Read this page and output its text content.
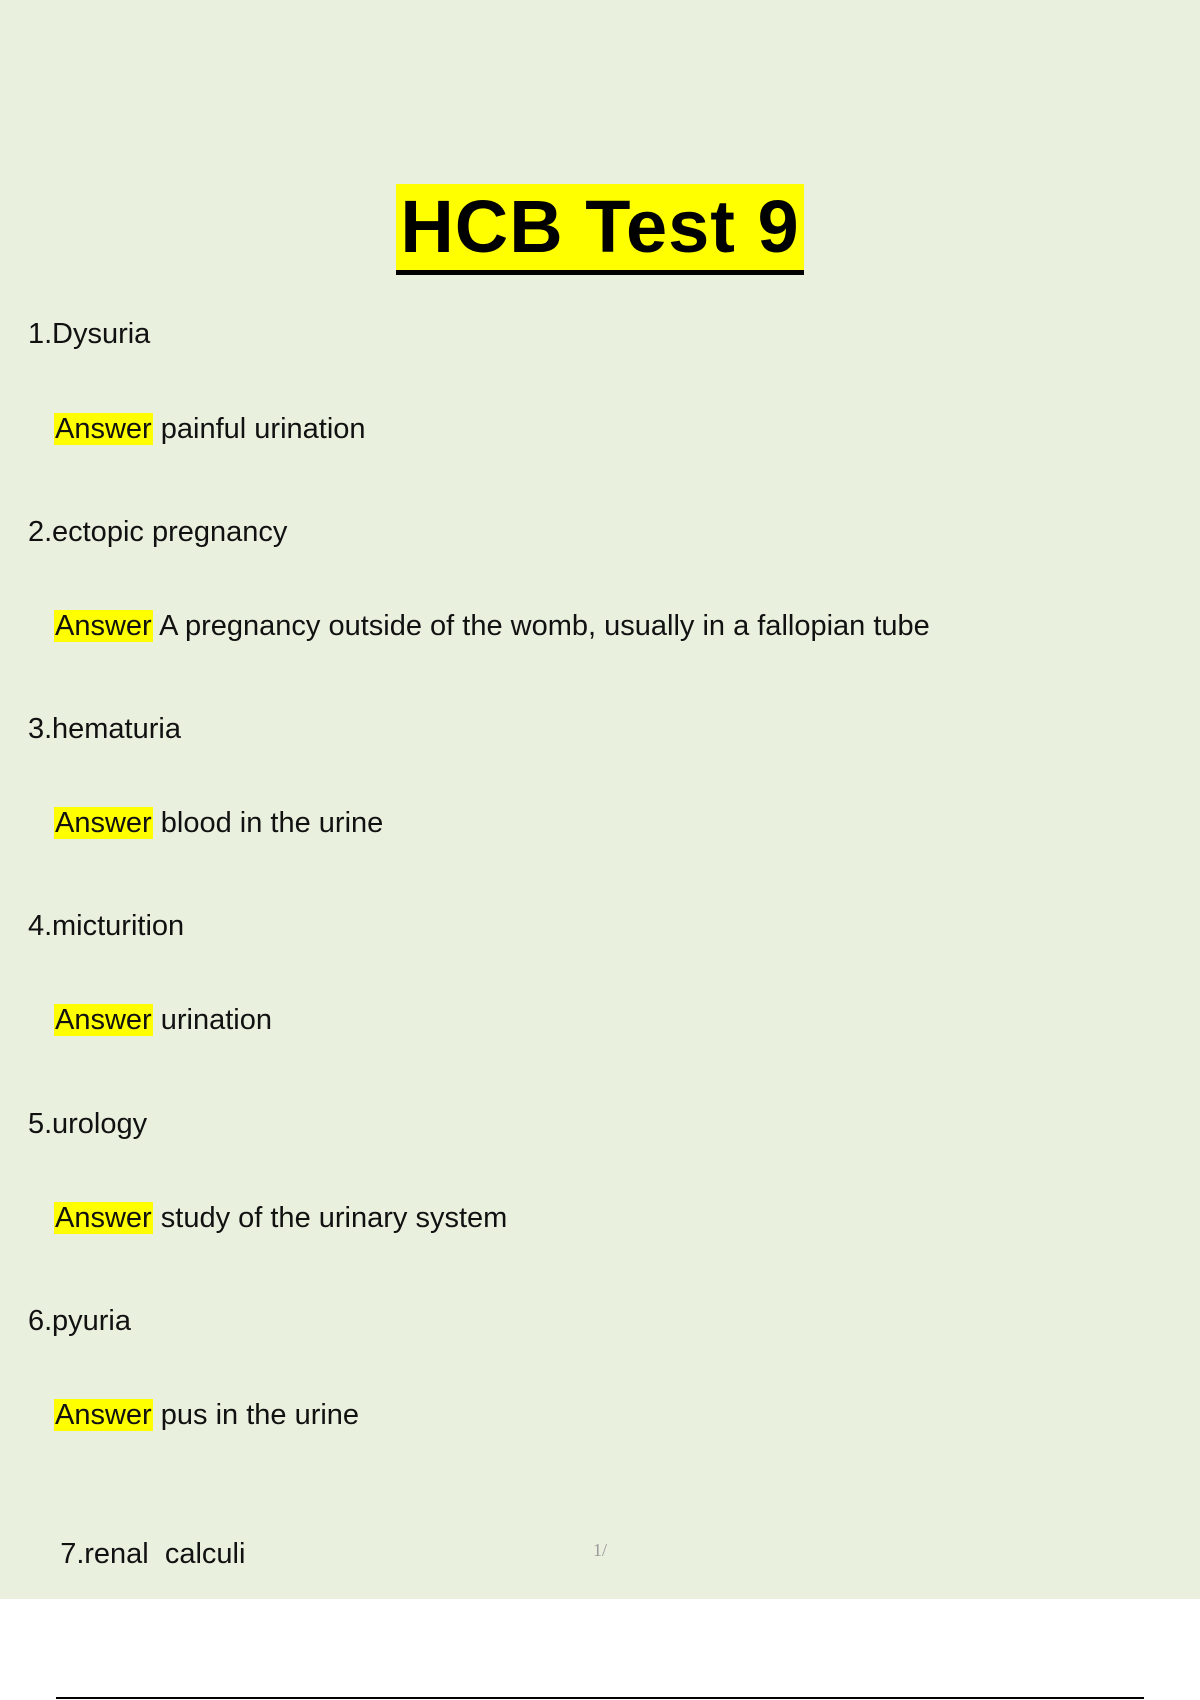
HCB Test 9
1.Dysuria
Answer painful urination
2.ectopic pregnancy
Answer A pregnancy outside of the womb, usually in a fallopian tube
3.hematuria
Answer blood in the urine
4.micturition
Answer urination
5.urology
Answer study of the urinary system
6.pyuria
Answer pus in the urine

7.renal  calculi
	1/
